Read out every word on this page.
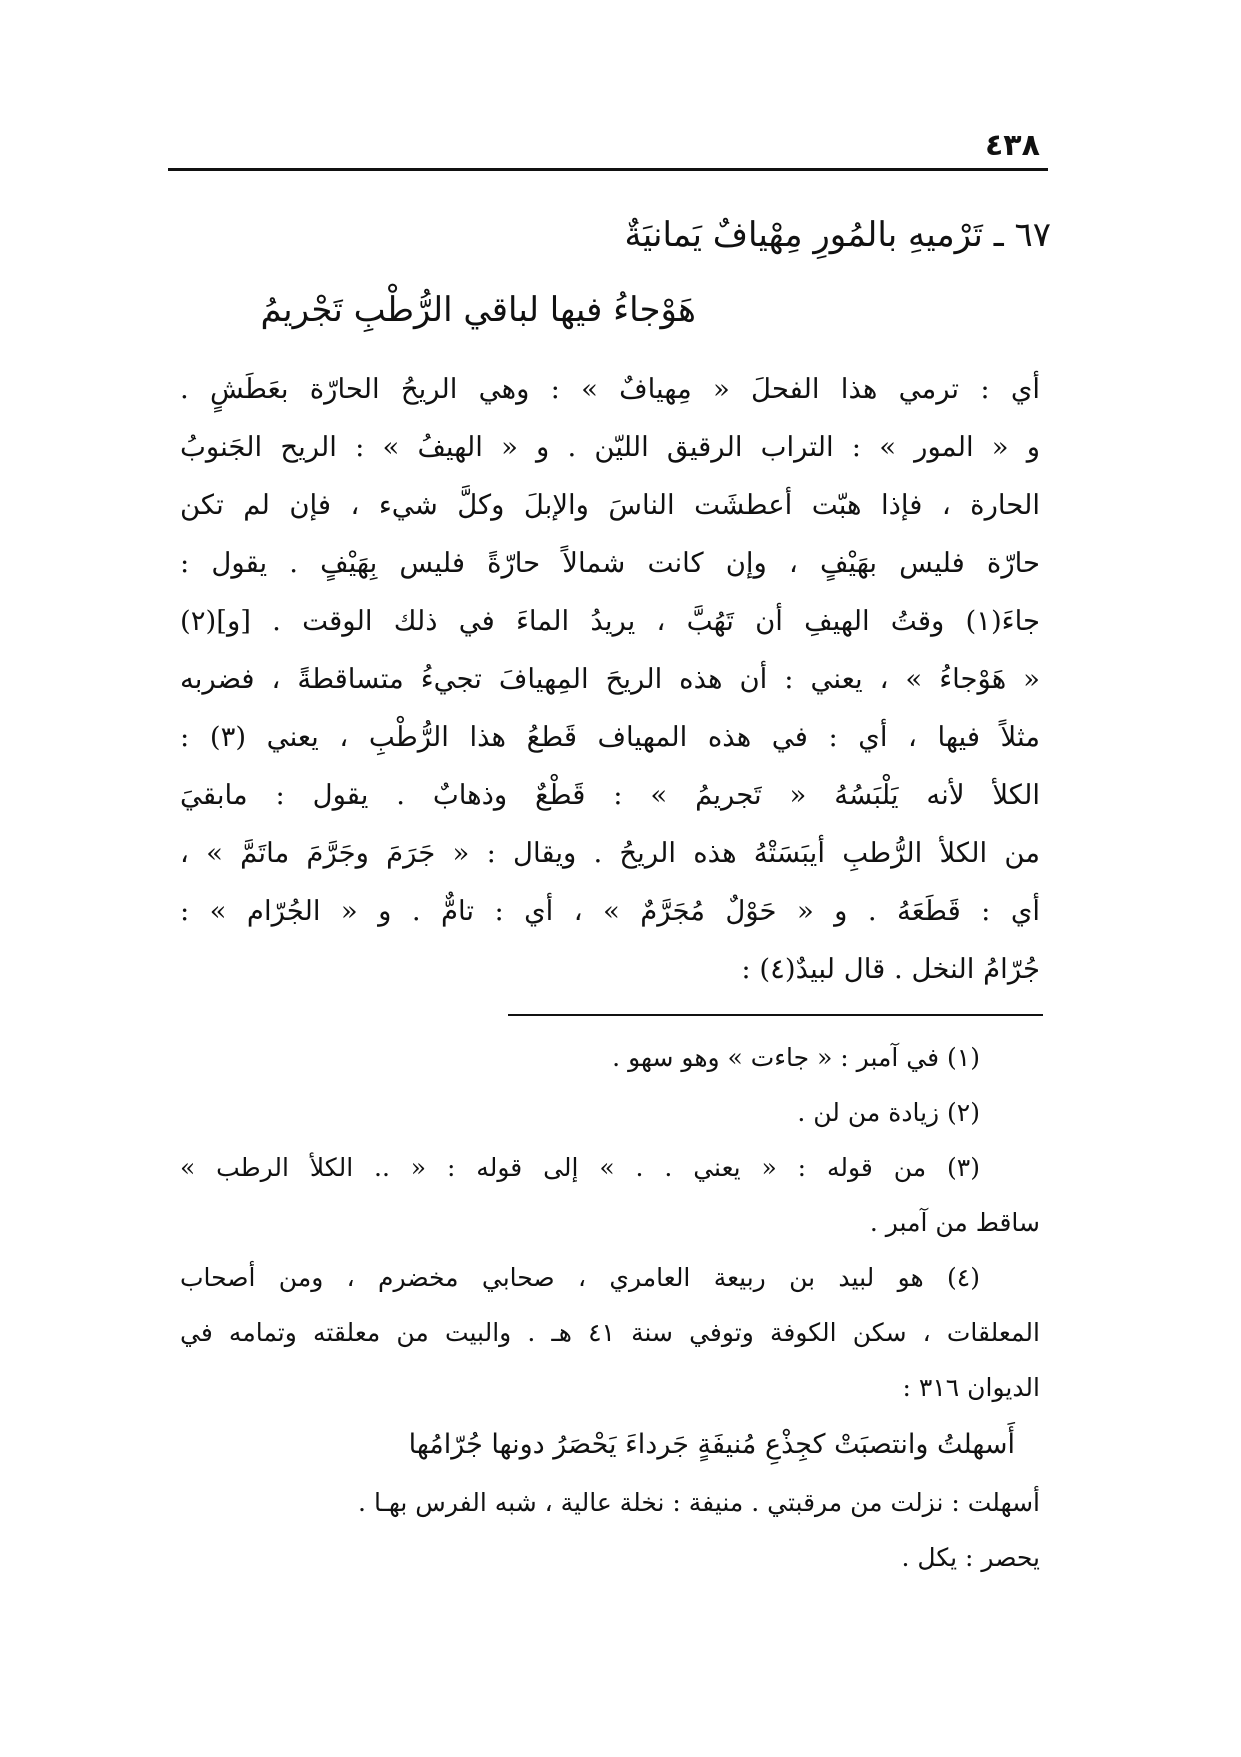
٤٣٨
٦٧ ـ تَرْميهِ بالمُورِ مِهْيافٌ يَمانيَةٌ
هَوْجاءُ فيها لباقي الرُّطْبِ تَجْريمُ
أي : ترمي هذا الفحلَ « مِهيافٌ » : وهي الريحُ الحارّة بعَطَشٍ .
و « المور » : التراب الرقيق الليّن . و « الهيفُ » : الريح الجَنوبُ
الحارة ، فإذا هبّت أعطشَت الناسَ والإبلَ وكلَّ شيء ، فإن لم تكن
حارّة فليس بهَيْفٍ ، وإن كانت شمالاً حارّةً فليس بِهَيْفٍ . يقول :
جاءَ(١) وقتُ الهيفِ أن تَهُبَّ ، يريدُ الماءَ في ذلك الوقت . [و](٢)
« هَوْجاءُ » ، يعني : أن هذه الريحَ المِهيافَ تجيءُ متساقطةً ، فضربه
مثلاً فيها ، أي : في هذه المهياف قَطعُ هذا الرُّطْبِ ، يعني (٣) :
الكلأ لأنه يَلْبَسُهُ « تَجريمُ » : قَطْعٌ وذهابٌ . يقول : مابقيَ
من الكلأ الرُّطبِ أيبَسَتْهُ هذه الريحُ . ويقال : « جَرَمَ وجَرَّمَ ماتَمَّ » ،
أي : قَطَعَهُ . و « حَوْلٌ مُجَرَّمٌ » ، أي : تامٌّ . و « الجُرّام » :
جُرّامُ النخل . قال لبيدٌ(٤) :
(١) في آمبر : « جاءت » وهو سهو .
(٢) زيادة من لن .
(٣) من قوله : « يعني . . » إلى قوله : « .. الكلأ الرطب »
ساقط من آمبر .
(٤) هو لبيد بن ربيعة العامري ، صحابي مخضرم ، ومن أصحاب
المعلقات ، سكن الكوفة وتوفي سنة ٤١ هـ . والبيت من معلقته وتمامه في
الديوان ٣١٦ :
أَسهلتُ وانتصبَتْ كجِذْعِ مُنيفَةٍ جَرداءَ يَحْصَرُ دونها جُرّامُها
أسهلت : نزلت من مرقبتي . منيفة : نخلة عالية ، شبه الفرس بهـا .
يحصر : يكل .
